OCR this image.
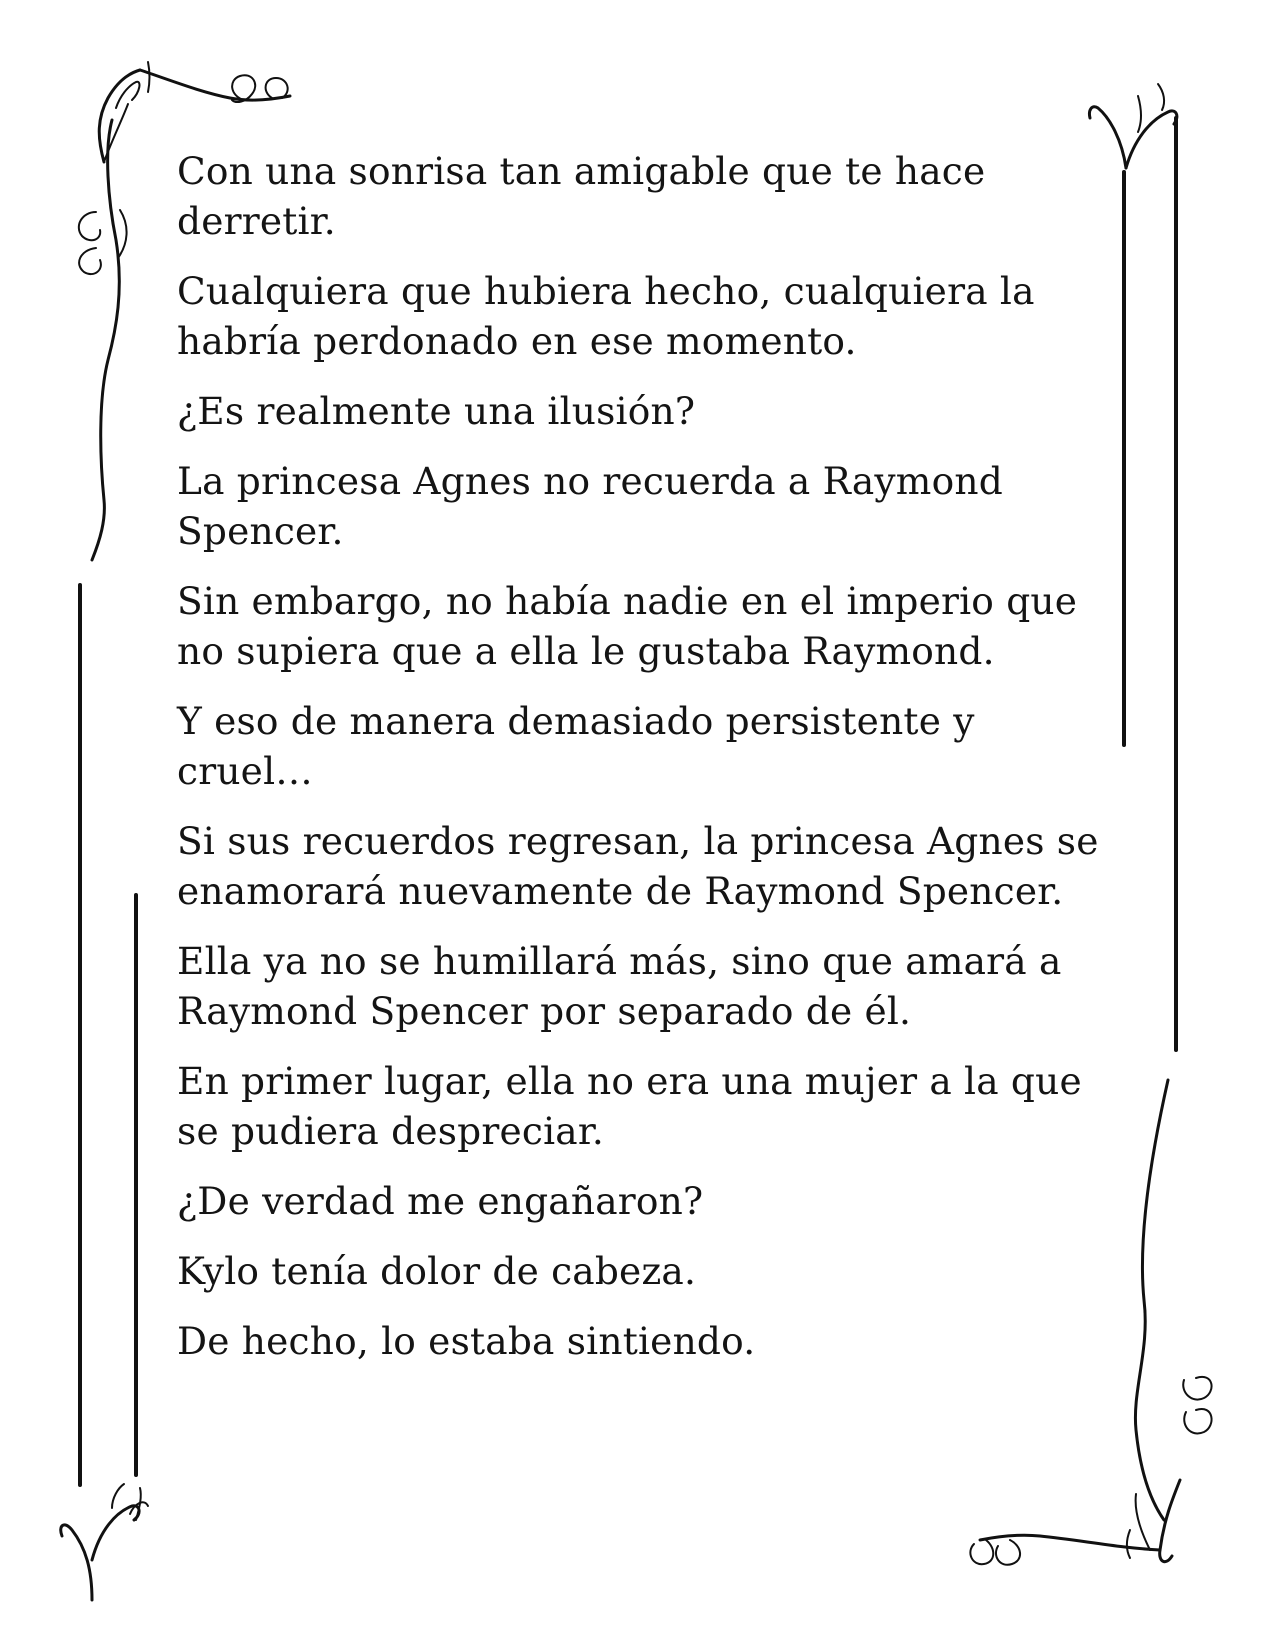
Con una sonrisa tan amigable que te hace derretir.

Cualquiera que hubiera hecho, cualquiera la habría perdonado en ese momento.

¿Es realmente una ilusión?

La princesa Agnes no recuerda a Raymond Spencer.

Sin embargo, no había nadie en el imperio que no supiera que a ella le gustaba Raymond.

Y eso de manera demasiado persistente y cruel…

Si sus recuerdos regresan, la princesa Agnes se enamorará nuevamente de Raymond Spencer.

Ella ya no se humillará más, sino que amará a Raymond Spencer por separado de él.

En primer lugar, ella no era una mujer a la que se pudiera despreciar.

¿De verdad me engañaron?

Kylo tenía dolor de cabeza.

De hecho, lo estaba sintiendo.
